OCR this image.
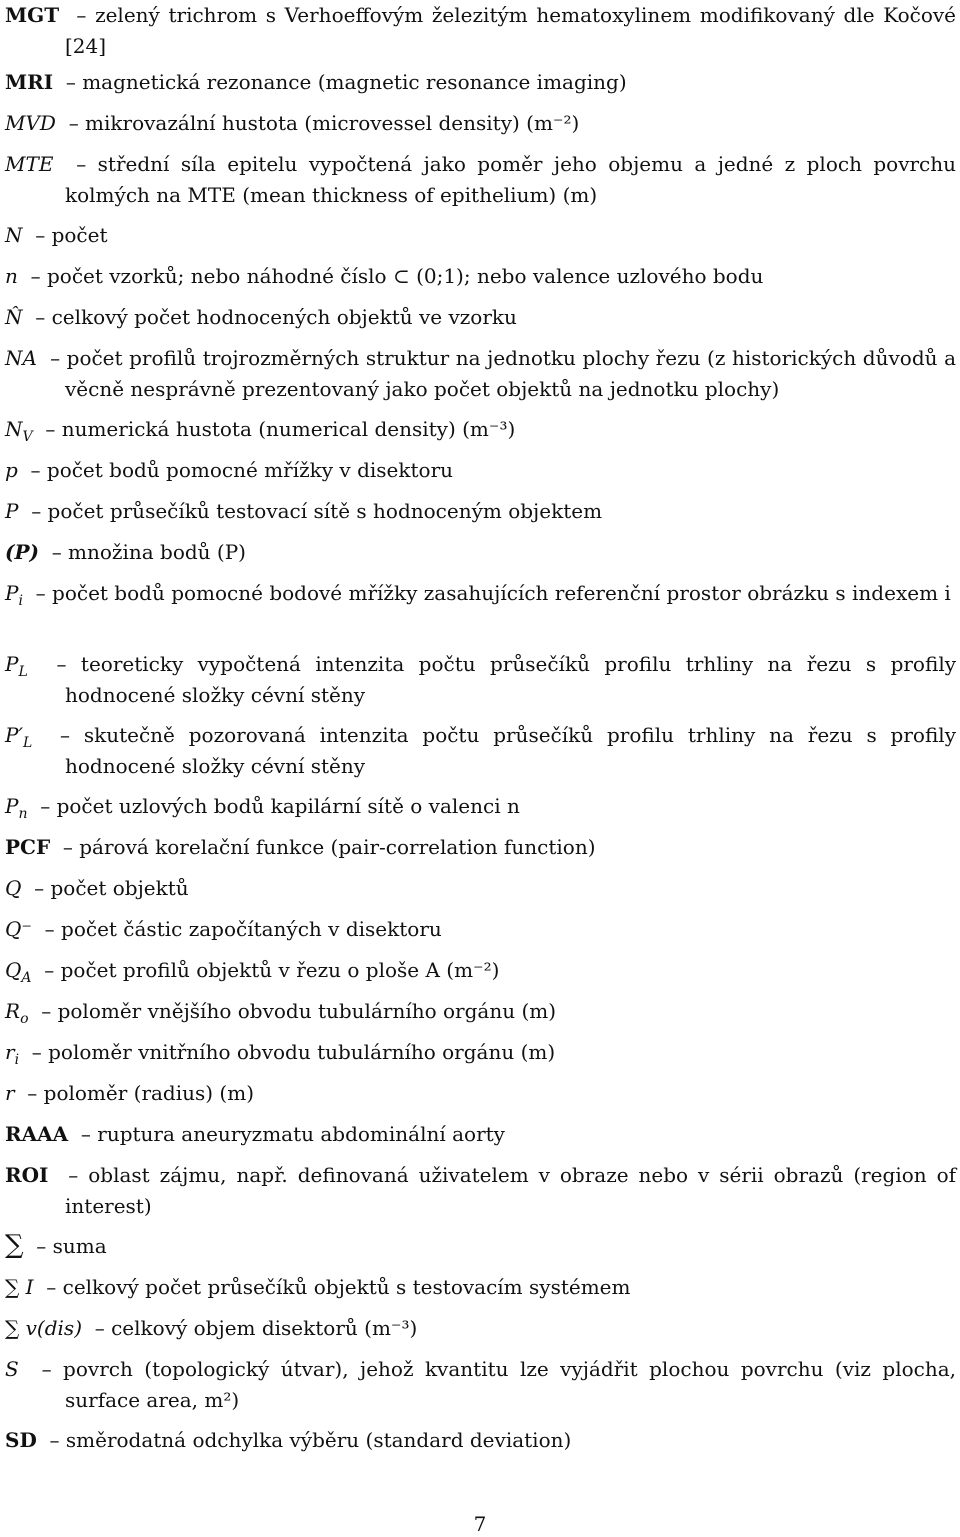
MGT – zelený trichrom s Verhoeffovým železitým hematoxylinem modifikovaný dle Kočové [24]
MRI – magnetická rezonance (magnetic resonance imaging)
MVD – mikrovazální hustota (microvessel density) (m⁻²)
MTE – střední síla epitelu vypočtená jako poměr jeho objemu a jedné z ploch povrchu kolmých na MTE (mean thickness of epithelium) (m)
N – počet
n – počet vzorků; nebo náhodné číslo ⊂ (0;1); nebo valence uzlového bodu
N̂ – celkový počet hodnocených objektů ve vzorku
NA – počet profilů trojrozměrných struktur na jednotku plochy řezu (z historických důvodů a věcně nesprávně prezentovaný jako počet objektů na jednotku plochy)
$N_V$ – numerická hustota (numerical density) (m⁻³)
p – počet bodů pomocné mřížky v disektoru
P – počet průsečíků testovací sítě s hodnoceným objektem
(P) – množina bodů (P)
$P_i$ – počet bodů pomocné bodové mřížky zasahujících referenční prostor obrázku s indexem i
$P_L$ – teoreticky vypočtená intenzita počtu průsečíků profilu trhliny na řezu s profily hodnocené složky cévní stěny
$P'_L$ – skutečně pozorovaná intenzita počtu průsečíků profilu trhliny na řezu s profily hodnocené složky cévní stěny
$P_n$ – počet uzlových bodů kapilární sítě o valenci n
PCF – párová korelační funkce (pair-correlation function)
Q – počet objektů
Q⁻ – počet částic započítaných v disektoru
$Q_A$ – počet profilů objektů v řezu o ploše A (m⁻²)
$R_o$ – poloměr vnějšího obvodu tubulárního orgánu (m)
$r_i$ – poloměr vnitřního obvodu tubulárního orgánu (m)
r – poloměr (radius) (m)
RAAA – ruptura aneuryzmatu abdominální aorty
ROI – oblast zájmu, např. definovaná uživatelem v obraze nebo v sérii obrazů (region of interest)
∑ – suma
∑ I – celkový počet průsečíků objektů s testovacím systémem
∑ v(dis) – celkový objem disektorů (m⁻³)
S – povrch (topologický útvar), jehož kvantitu lze vyjádřit plochou povrchu (viz plocha, surface area, m²)
SD – směrodatná odchylka výběru (standard deviation)
7
